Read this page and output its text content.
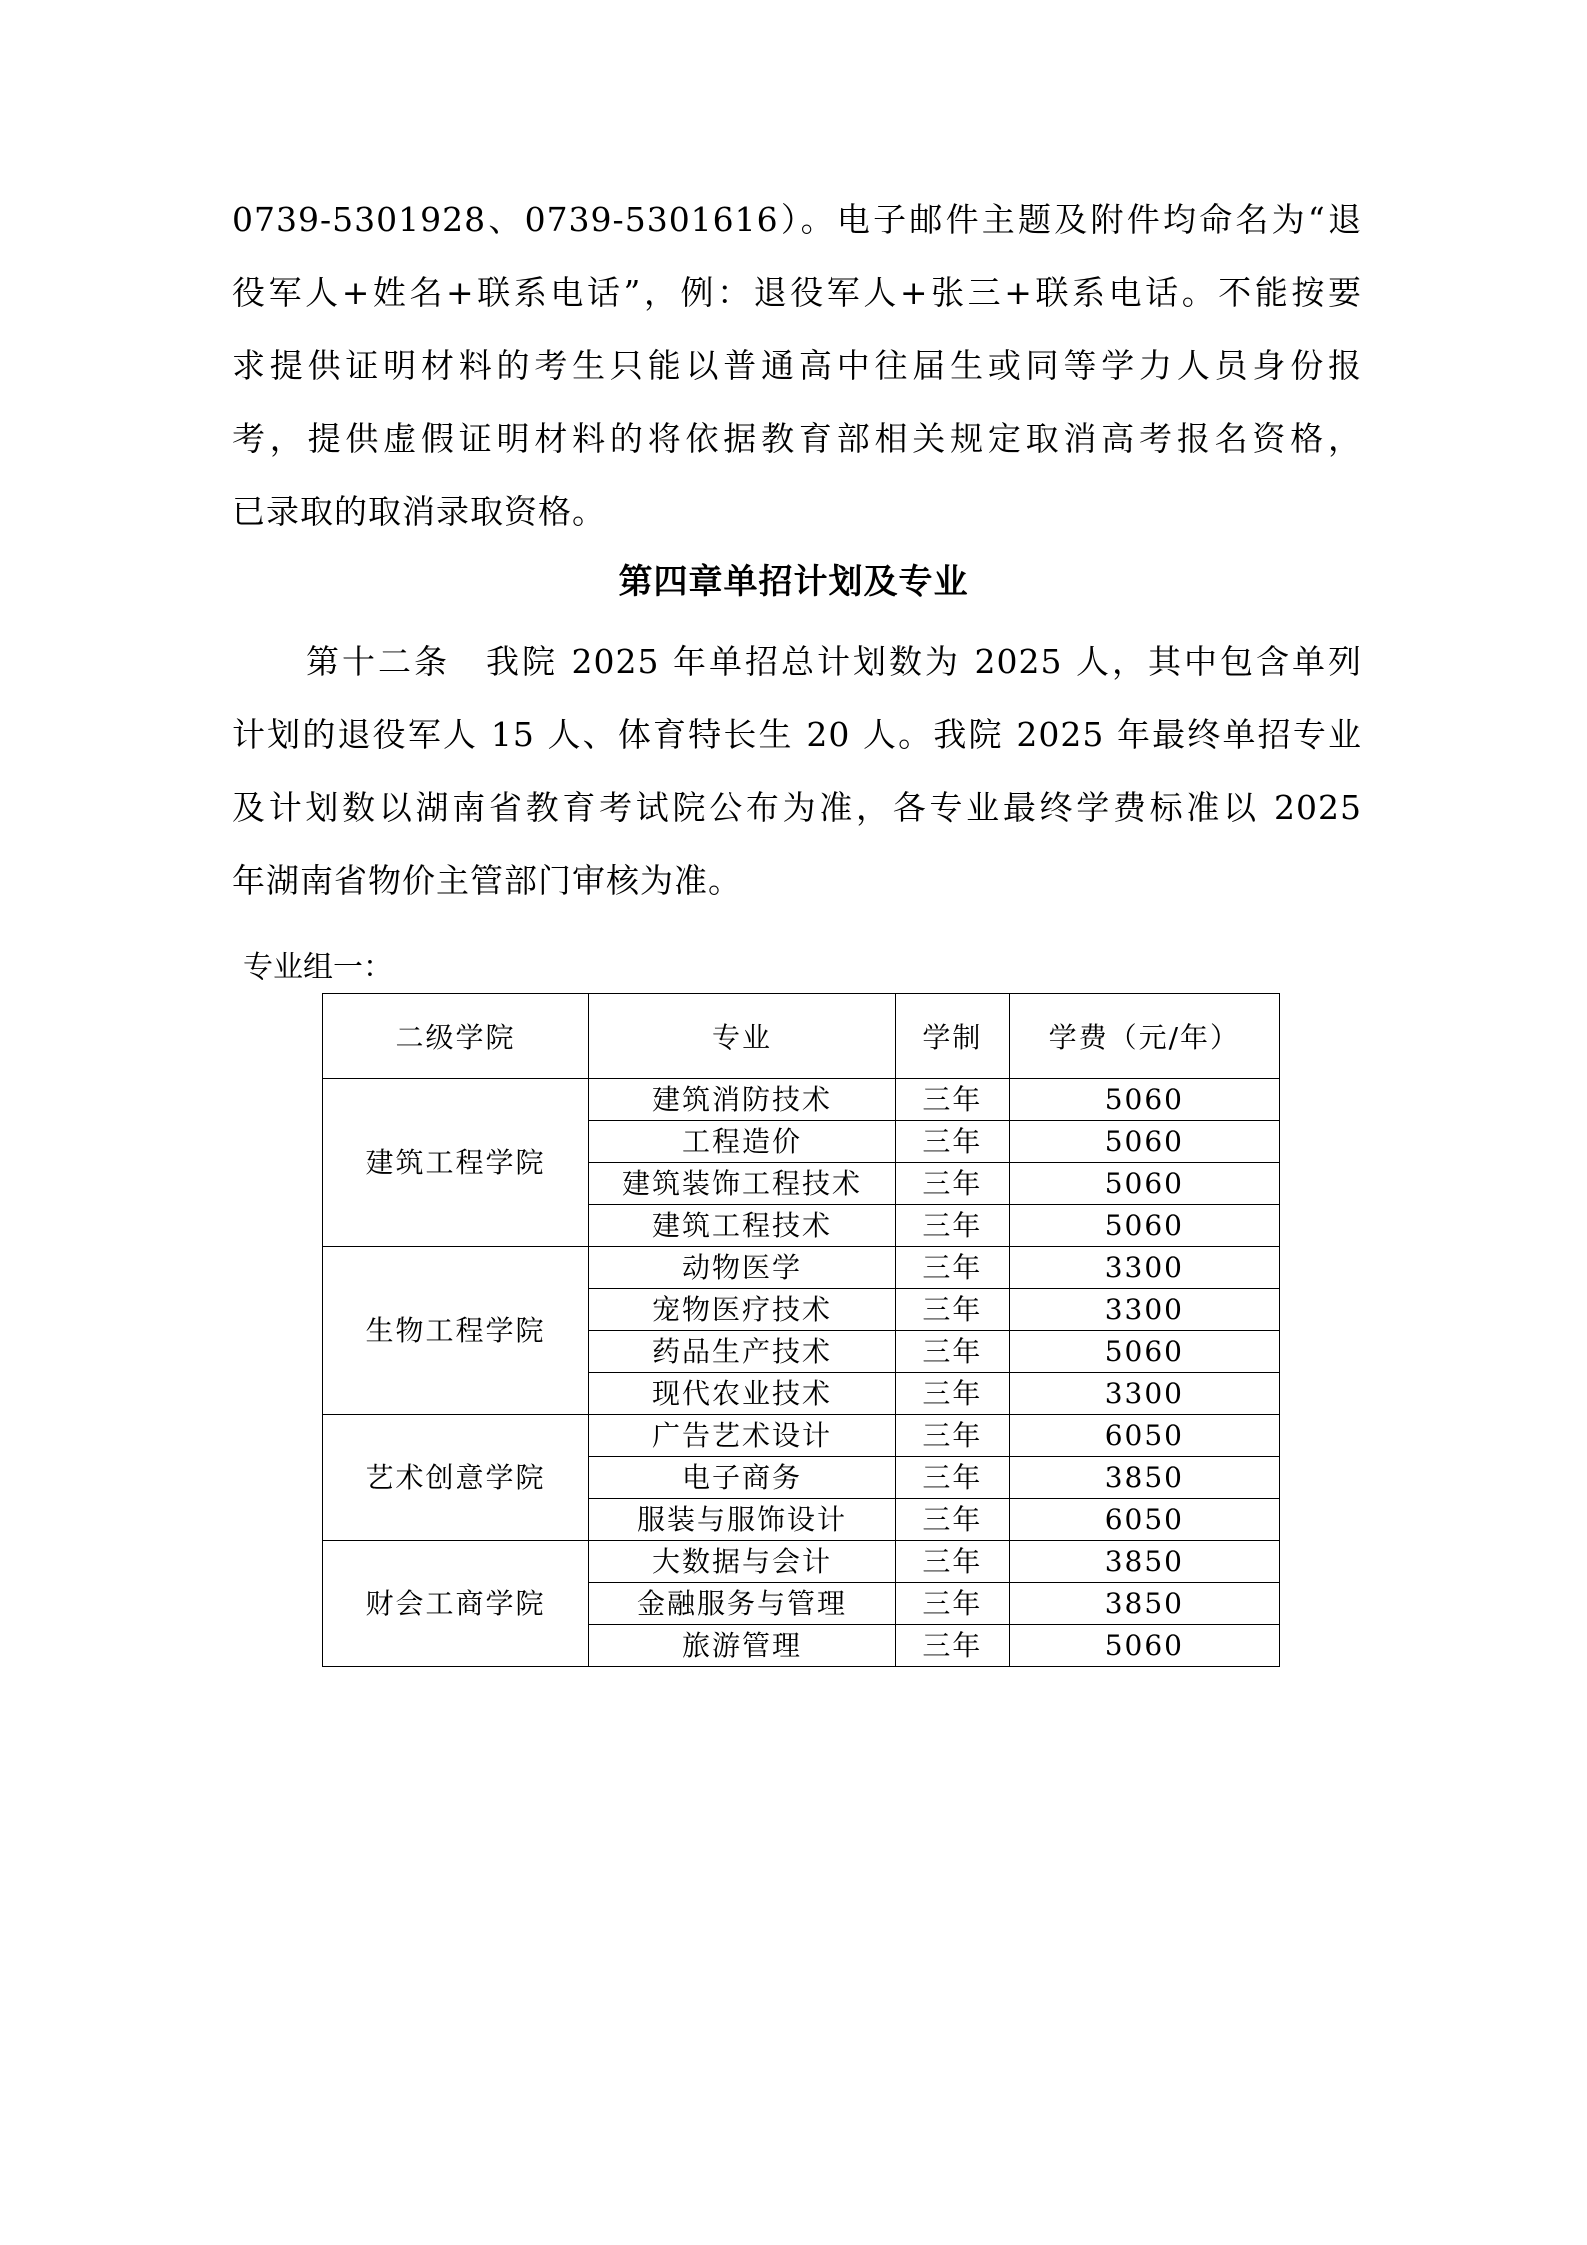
0739-5301928、0739-5301616）。电子邮件主题及附件均命名为“退
役军人+姓名+联系电话”，例：退役军人+张三+联系电话。不能按要
求提供证明材料的考生只能以普通高中往届生或同等学力人员身份报
考，提供虚假证明材料的将依据教育部相关规定取消高考报名资格，
已录取的取消录取资格。

第四章单招计划及专业

第十二条　我院 2025 年单招总计划数为 2025 人，其中包含单列
计划的退役军人 15 人、体育特长生 20 人。我院 2025 年最终单招专业
及计划数以湖南省教育考试院公布为准，各专业最终学费标准以 2025
年湖南省物价主管部门审核为准。

专业组一：

二级学院	专业	学制	学费（元/年）
建筑工程学院	建筑消防技术	三年	5060
	工程造价	三年	5060
	建筑装饰工程技术	三年	5060
	建筑工程技术	三年	5060
生物工程学院	动物医学	三年	3300
	宠物医疗技术	三年	3300
	药品生产技术	三年	5060
	现代农业技术	三年	3300
艺术创意学院	广告艺术设计	三年	6050
	电子商务	三年	3850
	服装与服饰设计	三年	6050
财会工商学院	大数据与会计	三年	3850
	金融服务与管理	三年	3850
	旅游管理	三年	5060
